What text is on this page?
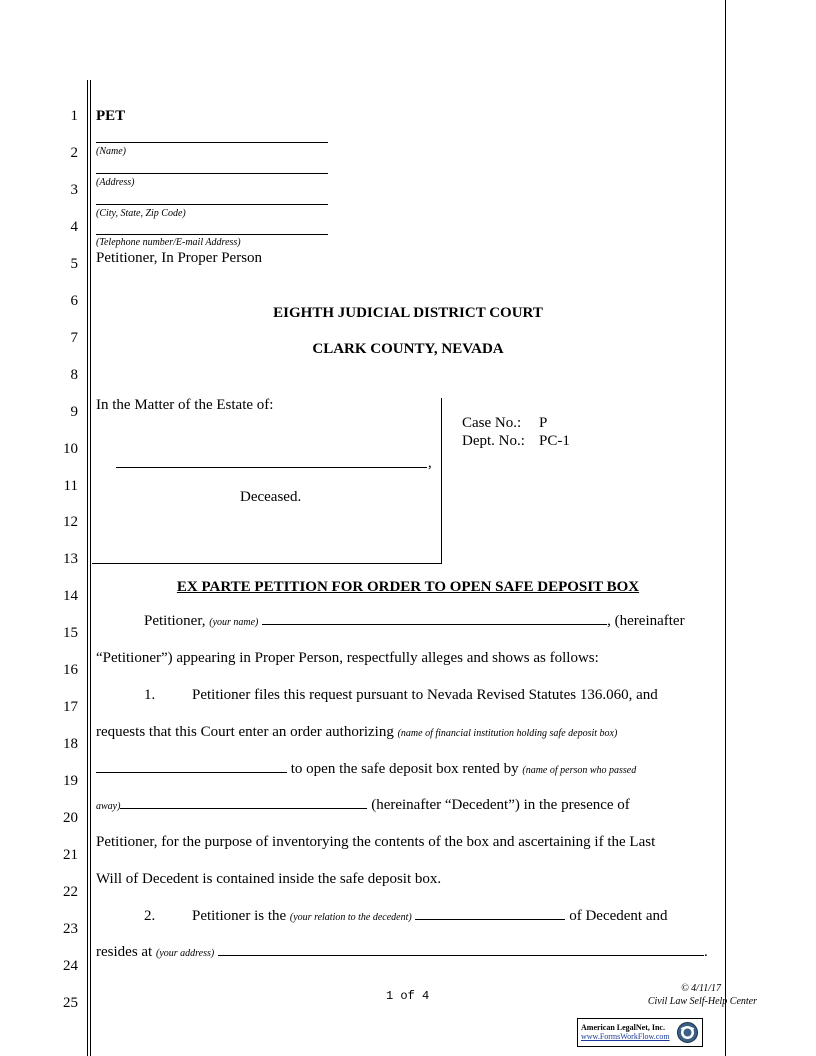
1
2
3
4
5
6
7
8
9
10
11
12
13
14
15
16
17
18
19
20
21
22
23
24
25
PET
(Name)
(Address)
(City, State, Zip Code)
(Telephone number/E-mail Address)
Petitioner, In Proper Person
EIGHTH JUDICIAL DISTRICT COURT
CLARK COUNTY, NEVADA
In the Matter of the Estate of:
,
Deceased.
Case No.: P
Dept. No.: PC-1
EX PARTE PETITION FOR ORDER TO OPEN SAFE DEPOSIT BOX
Petitioner, (your name)	, (hereinafter
“Petitioner”) appearing in Proper Person, respectfully alleges and shows as follows:
1. Petitioner files this request pursuant to Nevada Revised Statutes 136.060, and
requests that this Court enter an order authorizing (name of financial institution holding safe deposit box)
to open the safe deposit box rented by (name of person who passed
away)	(hereinafter “Decedent”) in the presence of
Petitioner, for the purpose of inventorying the contents of the box and ascertaining if the Last
Will of Decedent is contained inside the safe deposit box.
2. Petitioner is the (your relation to the decedent)	of Decedent and
resides at (your address)	.
1 of 4
© 4/11/17
Civil Law Self-Help Center
American LegalNet, Inc.
www.FormsWorkFlow.com
